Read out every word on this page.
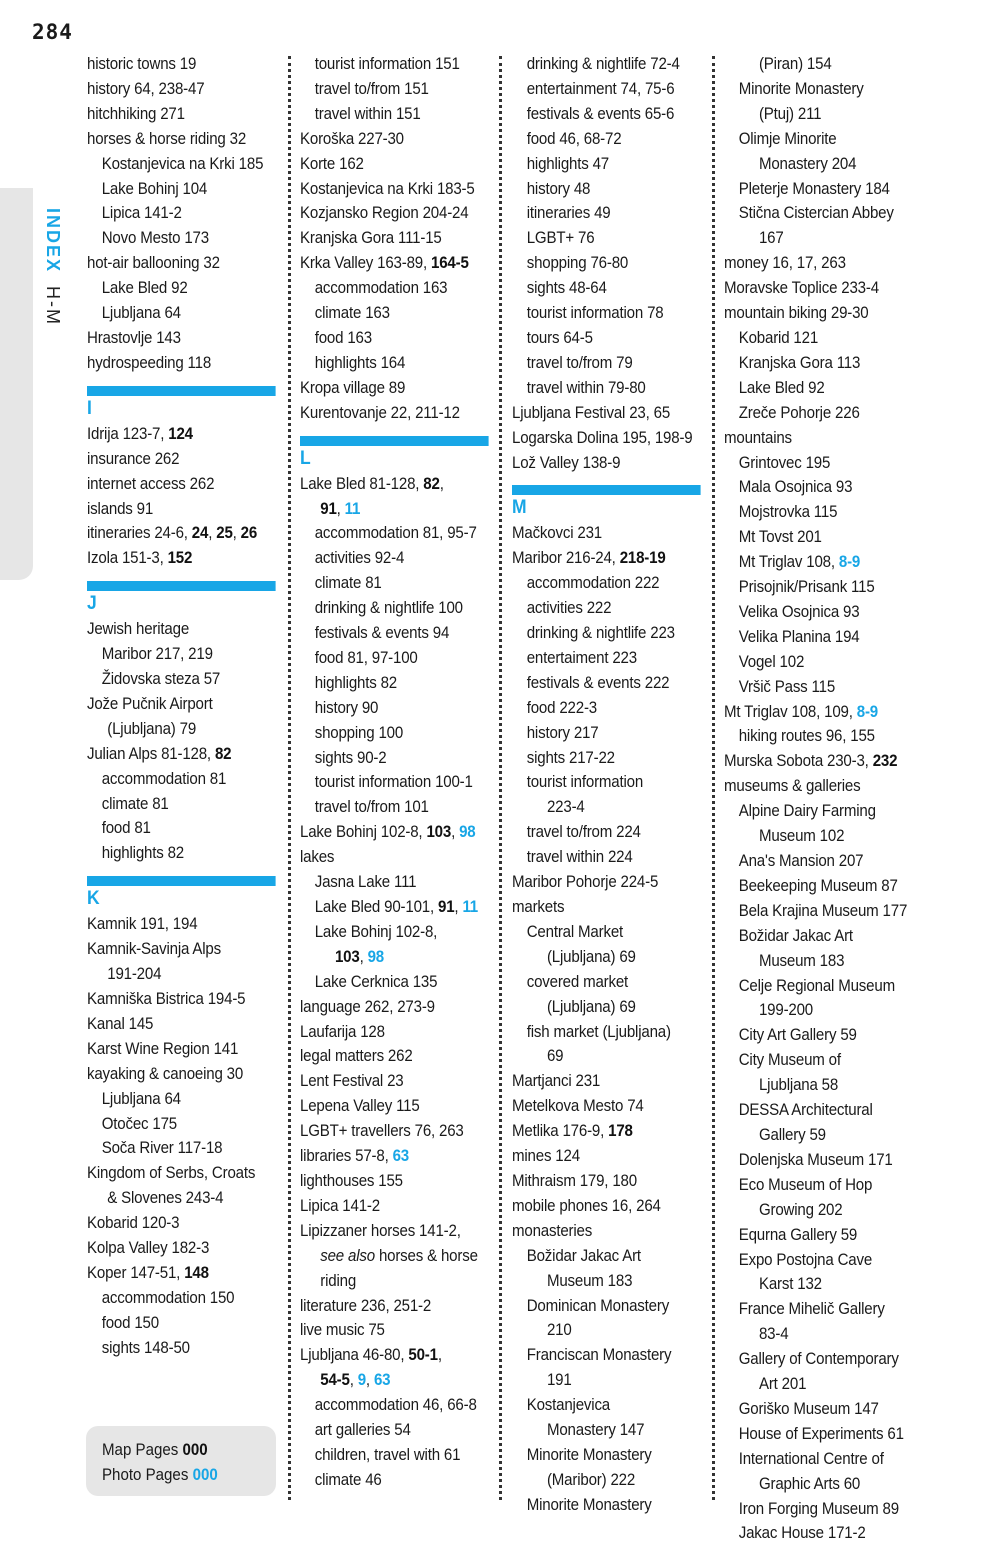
284
INDEX H-M
historic towns 19
history 64, 238-47
hitchhiking 271
horses & horse riding 32
Kostanjevica na Krki 185
Lake Bohinj 104
Lipica 141-2
Novo Mesto 173
hot-air ballooning 32
Lake Bled 92
Ljubljana 64
Hrastovlje 143
hydrospeeding 118
I
Idrija 123-7, 124
insurance 262
internet access 262
islands 91
itineraries 24-6, 24, 25, 26
Izola 151-3, 152
J
Jewish heritage
Maribor 217, 219
Židovska steza 57
Jože Pučnik Airport
(Ljubljana) 79
Julian Alps 81-128, 82
accommodation 81
climate 81
food 81
highlights 82
K
Kamnik 191, 194
Kamnik-Savinja Alps
191-204
Kamniška Bistrica 194-5
Kanal 145
Karst Wine Region 141
kayaking & canoeing 30
Ljubljana 64
Otočec 175
Soča River 117-18
Kingdom of Serbs, Croats
& Slovenes 243-4
Kobarid 120-3
Kolpa Valley 182-3
Koper 147-51, 148
accommodation 150
food 150
sights 148-50
tourist information 151
travel to/from 151
travel within 151
Koroška 227-30
Korte 162
Kostanjevica na Krki 183-5
Kozjansko Region 204-24
Kranjska Gora 111-15
Krka Valley 163-89, 164-5
accommodation 163
climate 163
food 163
highlights 164
Kropa village 89
Kurentovanje 22, 211-12
L
Lake Bled 81-128, 82,
91, 11
accommodation 81, 95-7
activities 92-4
climate 81
drinking & nightlife 100
festivals & events 94
food 81, 97-100
highlights 82
history 90
shopping 100
sights 90-2
tourist information 100-1
travel to/from 101
Lake Bohinj 102-8, 103, 98
lakes
Jasna Lake 111
Lake Bled 90-101, 91, 11
Lake Bohinj 102-8,
103, 98
Lake Cerknica 135
language 262, 273-9
Laufarija 128
legal matters 262
Lent Festival 23
Lepena Valley 115
LGBT+ travellers 76, 263
libraries 57-8, 63
lighthouses 155
Lipica 141-2
Lipizzaner horses 141-2,
see also horses & horse
riding
literature 236, 251-2
live music 75
Ljubljana 46-80, 50-1,
54-5, 9, 63
accommodation 46, 66-8
art galleries 54
children, travel with 61
climate 46
drinking & nightlife 72-4
entertainment 74, 75-6
festivals & events 65-6
food 46, 68-72
highlights 47
history 48
itineraries 49
LGBT+ 76
shopping 76-80
sights 48-64
tourist information 78
tours 64-5
travel to/from 79
travel within 79-80
Ljubljana Festival 23, 65
Logarska Dolina 195, 198-9
Lož Valley 138-9
M
Mačkovci 231
Maribor 216-24, 218-19
accommodation 222
activities 222
drinking & nightlife 223
entertaiment 223
festivals & events 222
food 222-3
history 217
sights 217-22
tourist information
223-4
travel to/from 224
travel within 224
Maribor Pohorje 224-5
markets
Central Market
(Ljubljana) 69
covered market
(Ljubljana) 69
fish market (Ljubljana)
69
Martjanci 231
Metelkova Mesto 74
Metlika 176-9, 178
mines 124
Mithraism 179, 180
mobile phones 16, 264
monasteries
Božidar Jakac Art
Museum 183
Dominican Monastery
210
Franciscan Monastery
191
Kostanjevica
Monastery 147
Minorite Monastery
(Maribor) 222
Minorite Monastery
(Piran) 154
Minorite Monastery
(Ptuj) 211
Olimje Minorite
Monastery 204
Pleterje Monastery 184
Stična Cistercian Abbey
167
money 16, 17, 263
Moravske Toplice 233-4
mountain biking 29-30
Kobarid 121
Kranjska Gora 113
Lake Bled 92
Zreče Pohorje 226
mountains
Grintovec 195
Mala Osojnica 93
Mojstrovka 115
Mt Tovst 201
Mt Triglav 108, 8-9
Prisojnik/Prisank 115
Velika Osojnica 93
Velika Planina 194
Vogel 102
Vršič Pass 115
Mt Triglav 108, 109, 8-9
hiking routes 96, 155
Murska Sobota 230-3, 232
museums & galleries
Alpine Dairy Farming
Museum 102
Ana's Mansion 207
Beekeeping Museum 87
Bela Krajina Museum 177
Božidar Jakac Art
Museum 183
Celje Regional Museum
199-200
City Art Gallery 59
City Museum of
Ljubljana 58
DESSA Architectural
Gallery 59
Dolenjska Museum 171
Eco Museum of Hop
Growing 202
Equrna Gallery 59
Expo Postojna Cave
Karst 132
France Mihelič Gallery
83-4
Gallery of Contemporary
Art 201
Goriško Museum 147
House of Experiments 61
International Centre of
Graphic Arts 60
Iron Forging Museum 89
Jakac House 171-2
Map Pages 000
Photo Pages 000
